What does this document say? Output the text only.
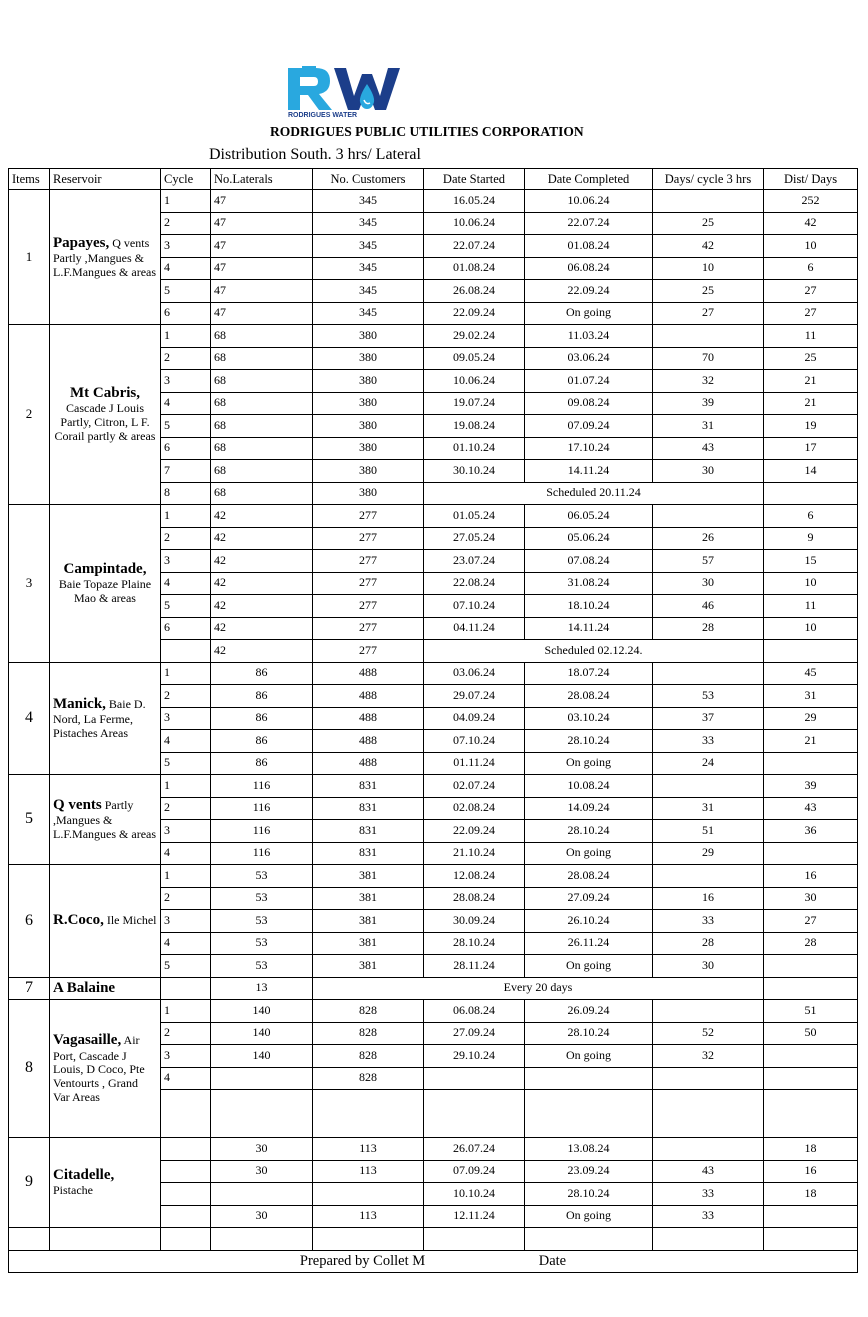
RODRIGUES WATER
RODRIGUES PUBLIC UTILITIES CORPORATION
Distribution South. 3 hrs/ Lateral
Items	Reservoir	Cycle	No.Laterals	No. Customers	Date Started	Date Completed	Days/ cycle 3 hrs	Dist/ Days	
1	Papayes, Q vents Partly ,Mangues & L.F.Mangues & areas	1	47	345	16.05.24	10.06.24		252	
		2	47	345	10.06.24	22.07.24	25	42	
		3	47	345	22.07.24	01.08.24	42	10	
		4	47	345	01.08.24	06.08.24	10	6	
		5	47	345	26.08.24	22.09.24	25	27	
		6	47	345	22.09.24	On going	27	27	
2	Mt Cabris, Cascade J Louis Partly, Citron, L F. Corail partly & areas	1	68	380	29.02.24	11.03.24		11	
		2	68	380	09.05.24	03.06.24	70	25	
		3	68	380	10.06.24	01.07.24	32	21	
		4	68	380	19.07.24	09.08.24	39	21	
		5	68	380	19.08.24	07.09.24	31	19	
		6	68	380	01.10.24	17.10.24	43	17	
		7	68	380	30.10.24	14.11.24	30	14	
		8	68	380	Scheduled 20.11.24				
3	Campintade, Baie Topaze Plaine Mao & areas	1	42	277	01.05.24	06.05.24		6	
		2	42	277	27.05.24	05.06.24	26	9	
		3	42	277	23.07.24	07.08.24	57	15	
		4	42	277	22.08.24	31.08.24	30	10	
		5	42	277	07.10.24	18.10.24	46	11	
		6	42	277	04.11.24	14.11.24	28	10	
			42	277	Scheduled 02.12.24.				
4	Manick, Baie D. Nord, La Ferme, Pistaches Areas	1	86	488	03.06.24	18.07.24		45	
		2	86	488	29.07.24	28.08.24	53	31	
		3	86	488	04.09.24	03.10.24	37	29	
		4	86	488	07.10.24	28.10.24	33	21	
		5	86	488	01.11.24	On going	24		
5	Q vents Partly ,Mangues & L.F.Mangues & areas	1	116	831	02.07.24	10.08.24		39	
		2	116	831	02.08.24	14.09.24	31	43	
		3	116	831	22.09.24	28.10.24	51	36	
		4	116	831	21.10.24	On going	29		
6	R.Coco, Ile Michel	1	53	381	12.08.24	28.08.24		16	
		2	53	381	28.08.24	27.09.24	16	30	
		3	53	381	30.09.24	26.10.24	33	27	
		4	53	381	28.10.24	26.11.24	28	28	
		5	53	381	28.11.24	On going	30		
7	A Balaine		13	Every 20 days					
8	Vagasaille, Air Port, Cascade J Louis, D Coco, Pte Ventourts , Grand Var Areas	1	140	828	06.08.24	26.09.24		51	
		2	140	828	27.09.24	28.10.24	52	50	
		3	140	828	29.10.24	On going	32		
		4		828					

9	Citadelle, Pistache		30	113	26.07.24	13.08.24		18	
			30	113	07.09.24	23.09.24	43	16	
					10.10.24	28.10.24	33	18	
			30	113	12.11.24	On going	33		

Prepared by Collet M Date									
